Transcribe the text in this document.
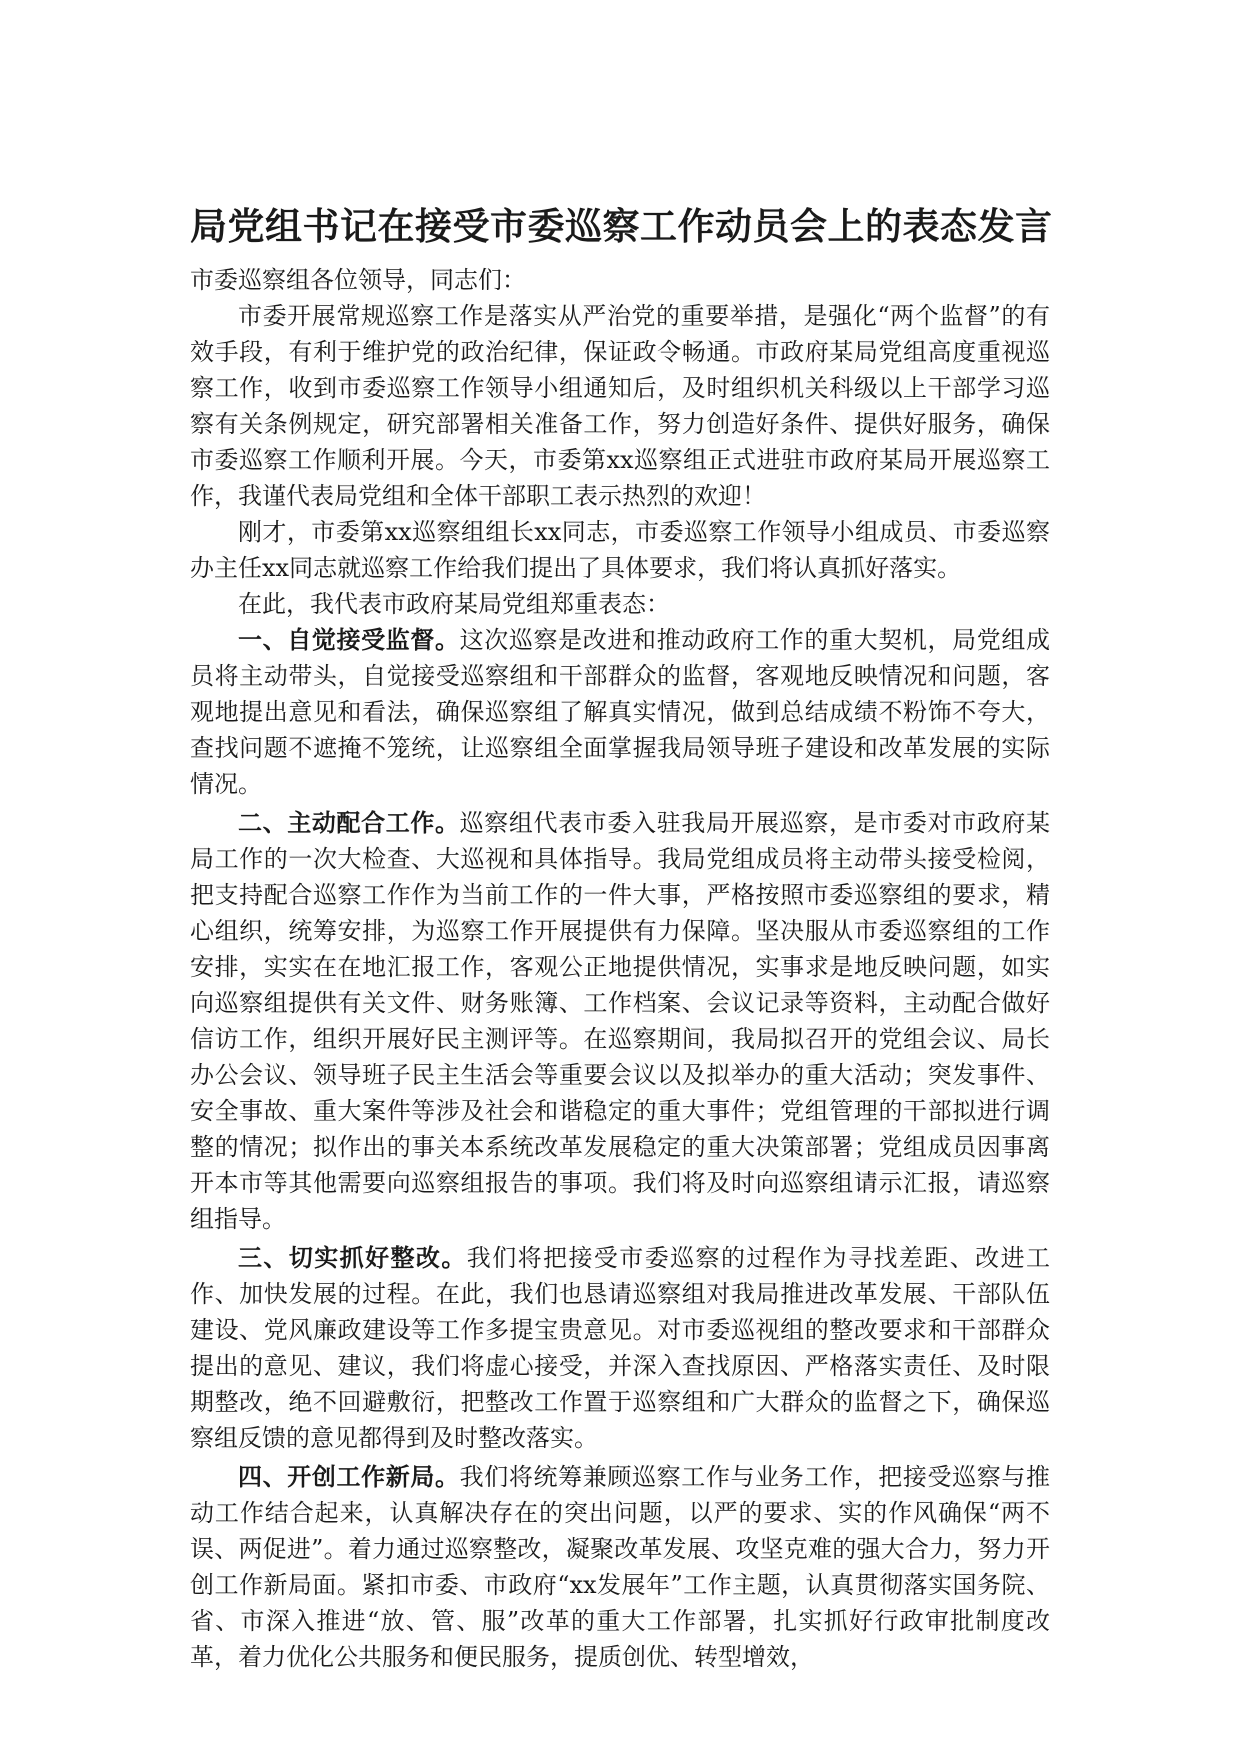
局党组书记在接受市委巡察工作动员会上的表态发言

市委巡察组各位领导，同志们：

市委开展常规巡察工作是落实从严治党的重要举措，是强化“两个监督”的有效手段，有利于维护党的政治纪律，保证政令畅通。市政府某局党组高度重视巡察工作，收到市委巡察工作领导小组通知后，及时组织机关科级以上干部学习巡察有关条例规定，研究部署相关准备工作，努力创造好条件、提供好服务，确保市委巡察工作顺利开展。今天，市委第xx巡察组正式进驻市政府某局开展巡察工作，我谨代表局党组和全体干部职工表示热烈的欢迎！

刚才，市委第xx巡察组组长xx同志，市委巡察工作领导小组成员、市委巡察办主任xx同志就巡察工作给我们提出了具体要求，我们将认真抓好落实。

在此，我代表市政府某局党组郑重表态：

一、自觉接受监督。这次巡察是改进和推动政府工作的重大契机，局党组成员将主动带头，自觉接受巡察组和干部群众的监督，客观地反映情况和问题，客观地提出意见和看法，确保巡察组了解真实情况，做到总结成绩不粉饰不夸大，查找问题不遮掩不笼统，让巡察组全面掌握我局领导班子建设和改革发展的实际情况。

二、主动配合工作。巡察组代表市委入驻我局开展巡察，是市委对市政府某局工作的一次大检查、大巡视和具体指导。我局党组成员将主动带头接受检阅，把支持配合巡察工作作为当前工作的一件大事，严格按照市委巡察组的要求，精心组织，统筹安排，为巡察工作开展提供有力保障。坚决服从市委巡察组的工作安排，实实在在地汇报工作，客观公正地提供情况，实事求是地反映问题，如实向巡察组提供有关文件、财务账簿、工作档案、会议记录等资料，主动配合做好信访工作，组织开展好民主测评等。在巡察期间，我局拟召开的党组会议、局长办公会议、领导班子民主生活会等重要会议以及拟举办的重大活动；突发事件、安全事故、重大案件等涉及社会和谐稳定的重大事件；党组管理的干部拟进行调整的情况；拟作出的事关本系统改革发展稳定的重大决策部署；党组成员因事离开本市等其他需要向巡察组报告的事项。我们将及时向巡察组请示汇报，请巡察组指导。

三、切实抓好整改。我们将把接受市委巡察的过程作为寻找差距、改进工作、加快发展的过程。在此，我们也恳请巡察组对我局推进改革发展、干部队伍建设、党风廉政建设等工作多提宝贵意见。对市委巡视组的整改要求和干部群众提出的意见、建议，我们将虚心接受，并深入查找原因、严格落实责任、及时限期整改，绝不回避敷衍，把整改工作置于巡察组和广大群众的监督之下，确保巡察组反馈的意见都得到及时整改落实。

四、开创工作新局。我们将统筹兼顾巡察工作与业务工作，把接受巡察与推动工作结合起来，认真解决存在的突出问题，以严的要求、实的作风确保“两不误、两促进”。着力通过巡察整改，凝聚改革发展、攻坚克难的强大合力，努力开创工作新局面。紧扣市委、市政府“xx发展年”工作主题，认真贯彻落实国务院、省、市深入推进“放、管、服”改革的重大工作部署，扎实抓好行政审批制度改革，着力优化公共服务和便民服务，提质创优、转型增效，
